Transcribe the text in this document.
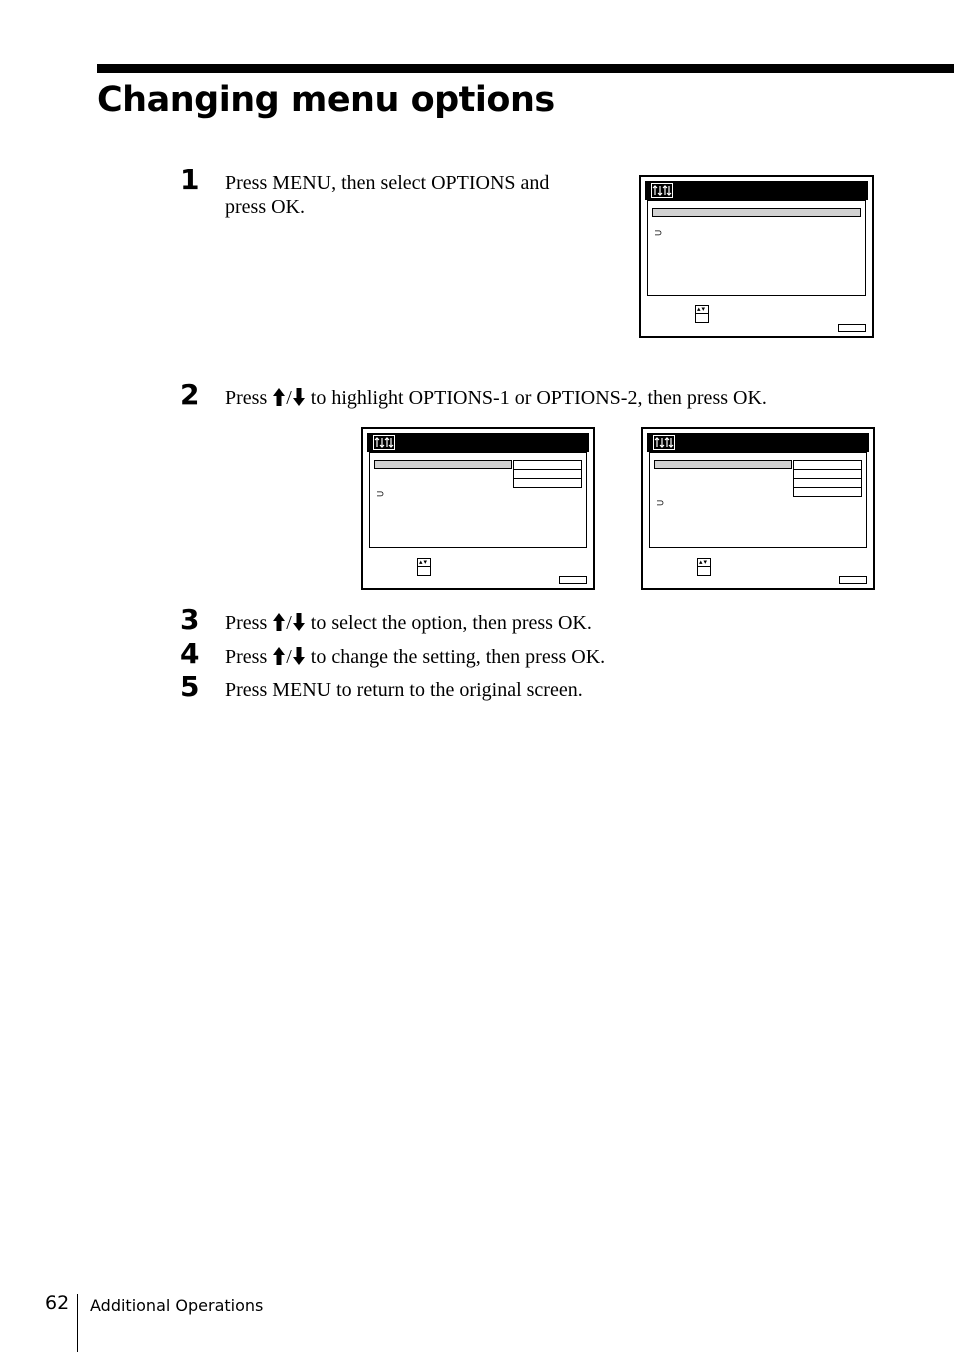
Changing menu options
1 Press MENU, then select OPTIONS and
press OK.
⊃
▴▾
2 Press / to highlight OPTIONS-1 or OPTIONS-2, then press OK.
⊃
▴▾
⊃
▴▾
3 Press / to select the option, then press OK.
4 Press / to change the setting, then press OK.
5 Press MENU to return to the original screen.
62 Additional Operations
